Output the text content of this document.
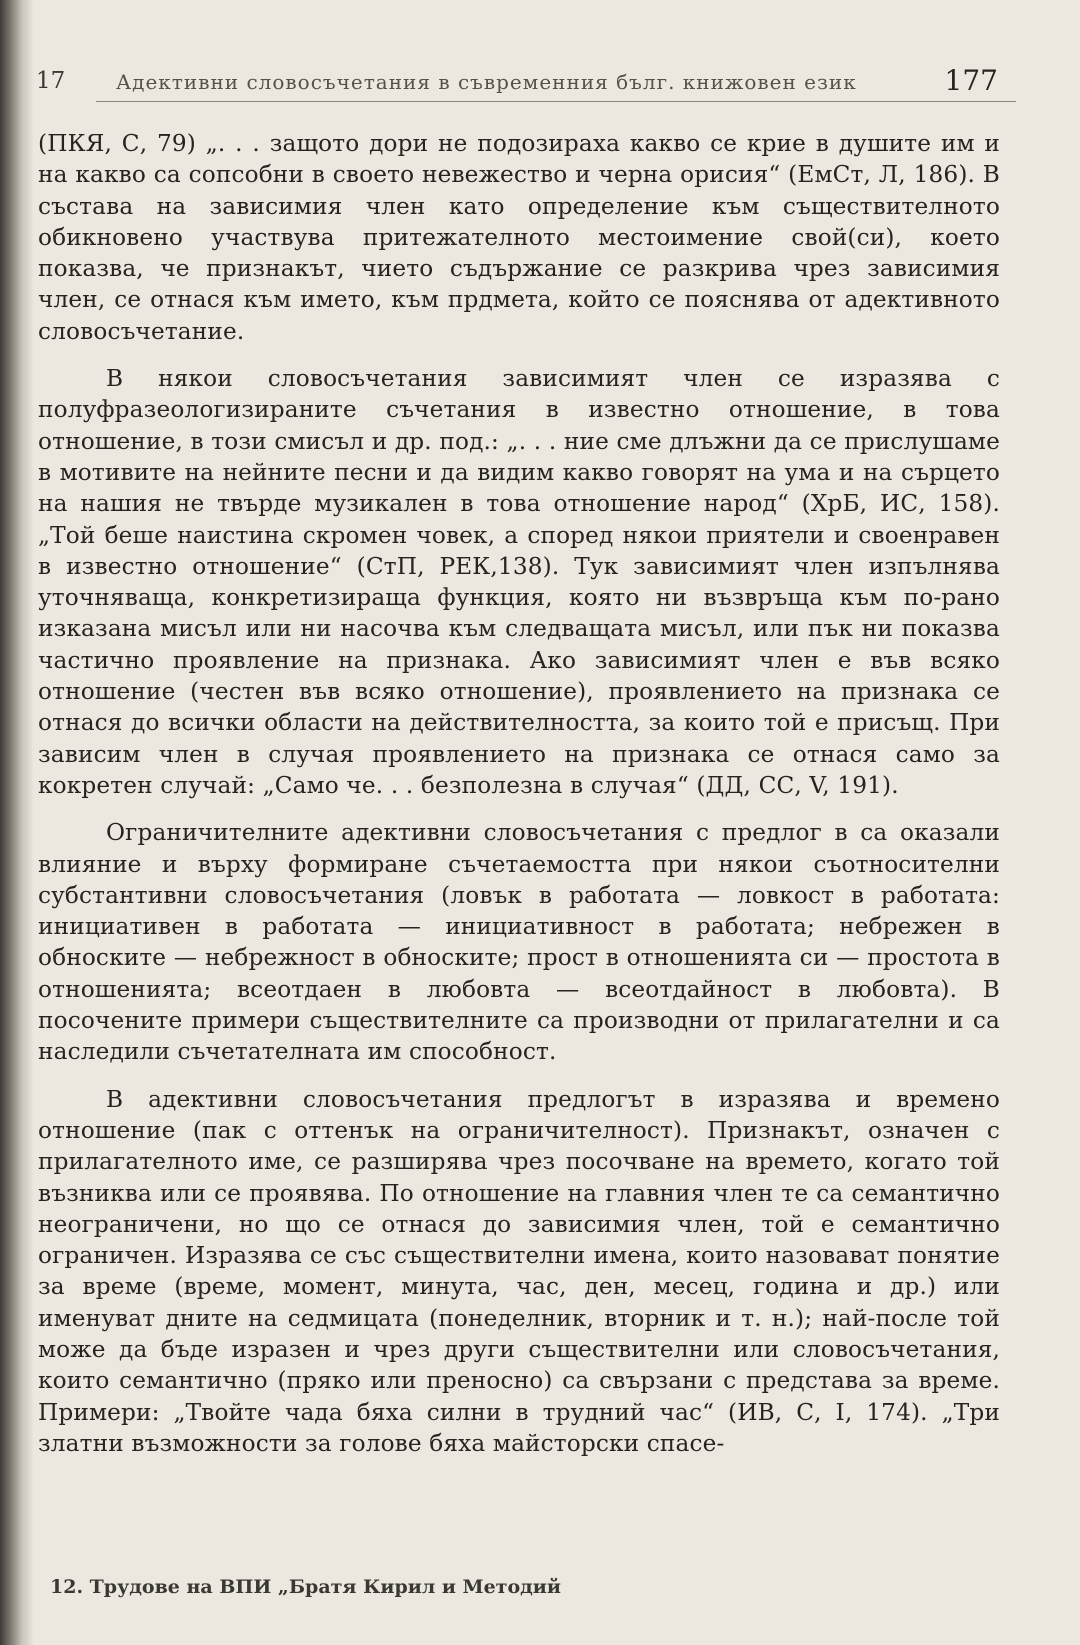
17	Адективни словосъчетания в съвременния бълг. книжовен език	177

(ПКЯ, С, 79) „. . . защото дори не подозираха какво се крие в душите им и на какво са сопсобни в своето невежество и черна орисия“ (ЕмСт, Л, 186). В състава на зависимия член като определение към съществителното обикновено участвува притежателното местоимение свой(си), което показва, че признакът, чието съдържание се разкрива чрез зависимия член, се отнася към името, към прдмета, който се пояснява от адективното словосъчетание.

В някои словосъчетания зависимият член се изразява с полуфразеологизираните съчетания в известно отношение, в това отношение, в този смисъл и др. под.: „. . . ние сме длъжни да се прислушаме в мотивите на нейните песни и да видим какво говорят на ума и на сърцето на нашия не твърде музикален в това отношение народ“ (ХрБ, ИС, 158). „Той беше наистина скромен човек, а според някои приятели и своенравен в известно отношение“ (СтП, РЕК,138). Тук зависимият член изпълнява уточняваща, конкретизираща функция, която ни възвръща към по-рано изказана мисъл или ни насочва към следващата мисъл, или пък ни показва частично проявление на признака. Ако зависимият член е във всяко отношение (честен във всяко отношение), проявлението на признака се отнася до всички области на действителността, за които той е присъщ. При зависим член в случая проявлението на признака се отнася само за кокретен случай: „Само че. . . безполезна в случая“ (ДД, СС, V, 191).

Ограничителните адективни словосъчетания с предлог в са оказали влияние и върху формиране съчетаемостта при някои съотносителни субстантивни словосъчетания (ловък в работата — ловкост в работата: инициативен в работата — инициативност в работата; небрежен в обноските — небрежност в обноските; прост в отношенията си — простота в отношенията; всеотдаен в любовта — всеотдайност в любовта). В посочените примери съществителните са производни от прилагателни и са наследили съчетателната им способност.

В адективни словосъчетания предлогът в изразява и времено отношение (пак с оттенък на ограничителност). Признакът, означен с прилагателното име, се разширява чрез посочване на времето, когато той възниква или се проявява. По отношение на главния член те са семантично неограничени, но що се отнася до зависимия член, той е семантично ограничен. Изразява се със съществителни имена, които назовават понятие за време (време, момент, минута, час, ден, месец, година и др.) или именуват дните на седмицата (понеделник, вторник и т. н.); най-после той може да бъде изразен и чрез други съществителни или словосъчетания, които семантично (пряко или преносно) са свързани с представа за време. Примери: „Твойте чада бяха силни в трудний час“ (ИВ, С, I, 174). „Три златни възможности за голове бяха майсторски спасе-

12. Трудове на ВПИ „Братя Кирил и Методий
